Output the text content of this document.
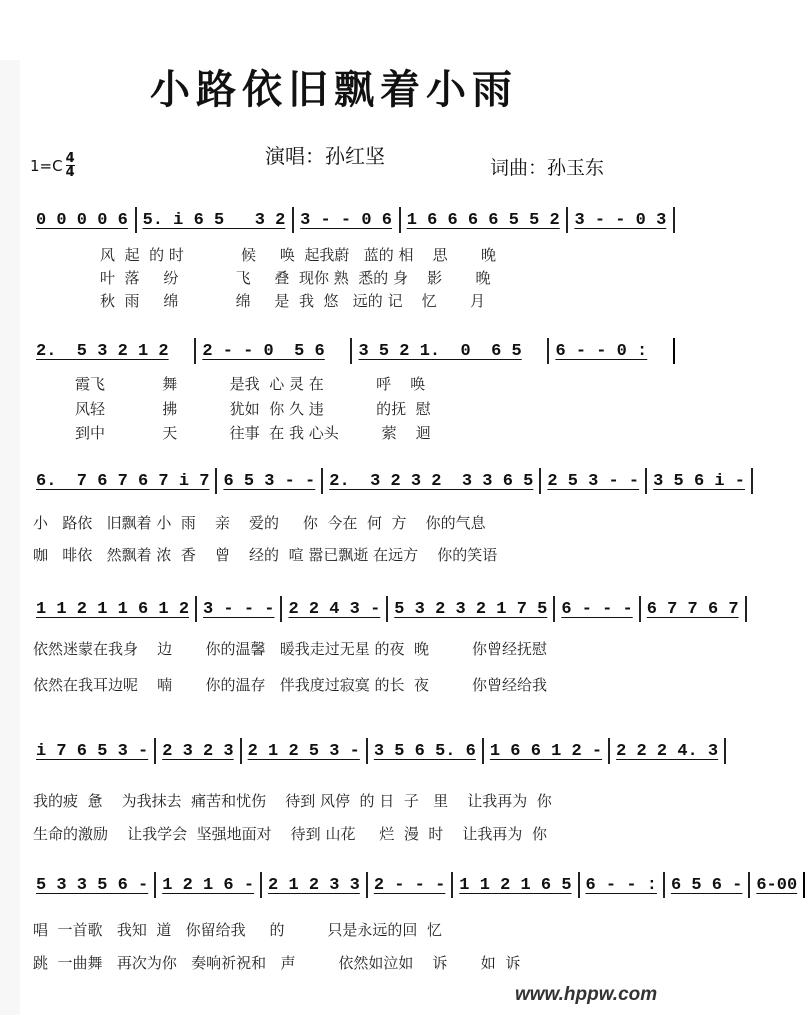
小路依旧飘着小雨
$1=C \frac{4}{4}$	演唱：孙红坚	词曲：孙玉东
0 0 0 0 6 5. i 6 5   3 2 3 - - 0 6 1 6 6 6 6 5 5 2 3 - - 0 3
风  起  的 时            候     唤  起我蔚   蓝的 相    思       晚
叶  落     纷            飞     叠  现你 熟  悉的 身    影       晚
秋  雨     绵            绵     是  我  悠   远的 记    忆       月
2.  5 3 2 1 2	2 - - 0  5 6	3 5 2 1.  0  6 5	6 - - 0 :
霞飞            舞           是我  心 灵 在           呼    唤
风轻            拂           犹如  你 久 违           的抚  慰
到中            天           往事  在 我 心头         萦    迴
6.  7 6 7 6 7 i 7 6 5 3 - - 2.  3 2 3 2  3 3 6 5 2 5 3 - - 3 5 6 i -
小   路依   旧飘着 小  雨    亲    爱的     你  今在  何  方    你的气息
咖   啡依   然飘着 浓  香    曾    经的  喧 嚣已飘逝 在远方    你的笑语
1 1 2 1 1 6 1 2 3 - - - 2 2 4 3 - 5 3 2 3 2 1 7 5 6 - - - 6 7 7 6 7
依然迷蒙在我身    边       你的温馨   暖我走过无星 的夜  晚         你曾经抚慰
依然在我耳边呢    喃       你的温存   伴我度过寂寞 的长  夜         你曾经给我
i 7 6 5 3 - 2 3 2 3 2 1 2 5 3 - 3 5 6 5. 6 1 6 6 1 2 - 2 2 2 4. 3
我的疲  惫    为我抹去  痛苦和忧伤    待到 风停  的 日  子   里    让我再为  你
生命的激励    让我学会  坚强地面对    待到 山花     烂  漫  时    让我再为  你
5 3 3 5 6 - 1 2 1 6 - 2 1 2 3 3 2 - - - 1 1 2 1 6 5 6 - - : 6 5 6 - 6-00
唱  一首歌   我知  道   你留给我     的         只是永远的回  忆
跳  一曲舞   再次为你   奏响祈祝和   声         依然如泣如    诉       如  诉
www.hppw.com
